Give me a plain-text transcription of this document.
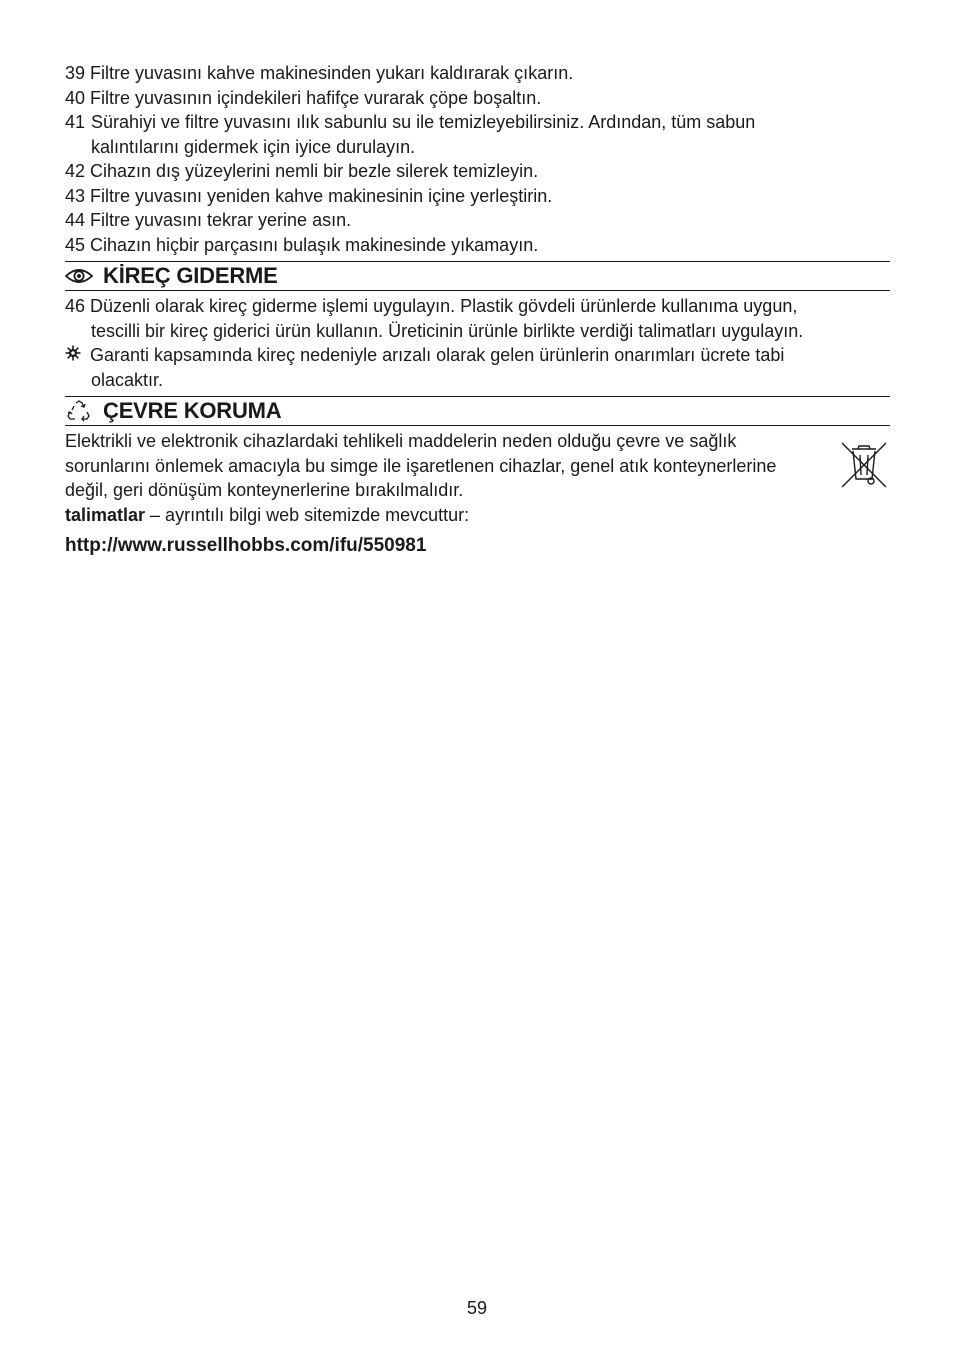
39 Filtre yuvasını kahve makinesinden yukarı kaldırarak çıkarın.
40 Filtre yuvasının içindekileri hafifçe vurarak çöpe boşaltın.
41 Sürahiyi ve filtre yuvasını ılık sabunlu su ile temizleyebilirsiniz. Ardından, tüm sabun
kalıntılarını gidermek için iyice durulayın.
42 Cihazın dış yüzeylerini nemli bir bezle silerek temizleyin.
43 Filtre yuvasını yeniden kahve makinesinin içine yerleştirin.
44 Filtre yuvasını tekrar yerine asın.
45 Cihazın hiçbir parçasını bulaşık makinesinde yıkamayın.
KİREÇ GIDERME
46 Düzenli olarak kireç giderme işlemi uygulayın. Plastik gövdeli ürünlerde kullanıma uygun,
tescilli bir kireç giderici ürün kullanın. Üreticinin ürünle birlikte verdiği talimatları uygulayın.
Garanti kapsamında kireç nedeniyle arızalı olarak gelen ürünlerin onarımları ücrete tabi
olacaktır.
ÇEVRE KORUMA
Elektrikli ve elektronik cihazlardaki tehlikeli maddelerin neden olduğu çevre ve sağlık
sorunlarını önlemek amacıyla bu simge ile işaretlenen cihazlar, genel atık konteynerlerine
değil, geri dönüşüm konteynerlerine bırakılmalıdır.
talimatlar – ayrıntılı bilgi web sitemizde mevcuttur:
http://www.russellhobbs.com/ifu/550981
59
